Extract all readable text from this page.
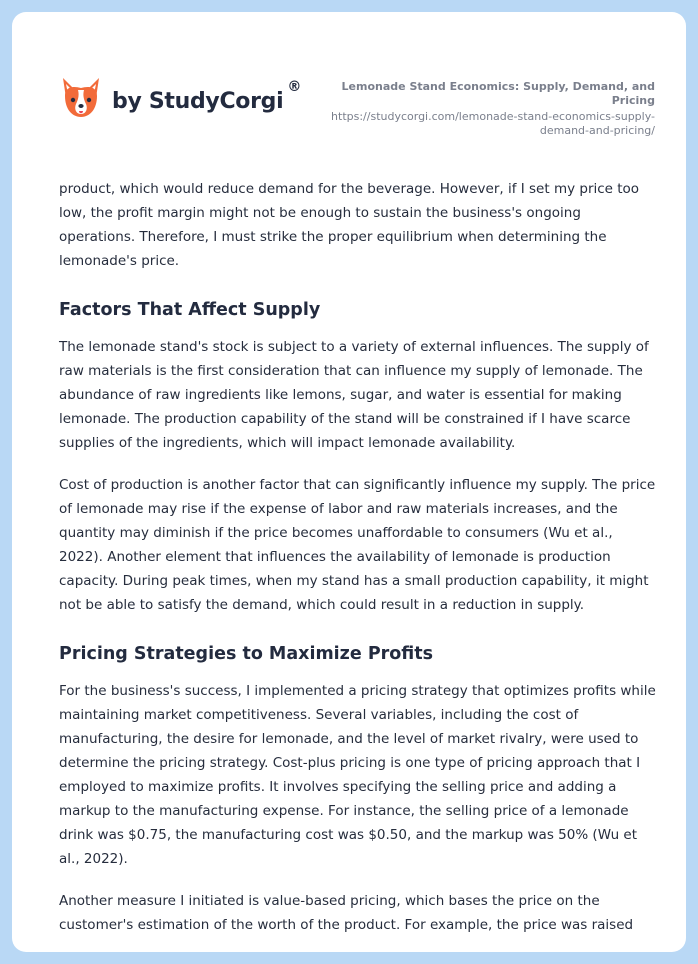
by StudyCorgi
®	Lemonade Stand Economics: Supply, Demand, and Pricing
https://studycorgi.com/lemonade-stand-economics-supply-demand-and-pricing/

product, which would reduce demand for the beverage. However, if I set my price too low, the profit margin might not be enough to sustain the business's ongoing operations. Therefore, I must strike the proper equilibrium when determining the lemonade's price.

Factors That Affect Supply

The lemonade stand's stock is subject to a variety of external influences. The supply of raw materials is the first consideration that can influence my supply of lemonade. The abundance of raw ingredients like lemons, sugar, and water is essential for making lemonade. The production capability of the stand will be constrained if I have scarce supplies of the ingredients, which will impact lemonade availability.

Cost of production is another factor that can significantly influence my supply. The price of lemonade may rise if the expense of labor and raw materials increases, and the quantity may diminish if the price becomes unaffordable to consumers (Wu et al., 2022). Another element that influences the availability of lemonade is production capacity. During peak times, when my stand has a small production capability, it might not be able to satisfy the demand, which could result in a reduction in supply.

Pricing Strategies to Maximize Profits

For the business's success, I implemented a pricing strategy that optimizes profits while maintaining market competitiveness. Several variables, including the cost of manufacturing, the desire for lemonade, and the level of market rivalry, were used to determine the pricing strategy. Cost-plus pricing is one type of pricing approach that I employed to maximize profits. It involves specifying the selling price and adding a markup to the manufacturing expense. For instance, the selling price of a lemonade drink was $0.75, the manufacturing cost was $0.50, and the markup was 50% (Wu et al., 2022).

Another measure I initiated is value-based pricing, which bases the price on the customer's estimation of the worth of the product. For example, the price was raised
